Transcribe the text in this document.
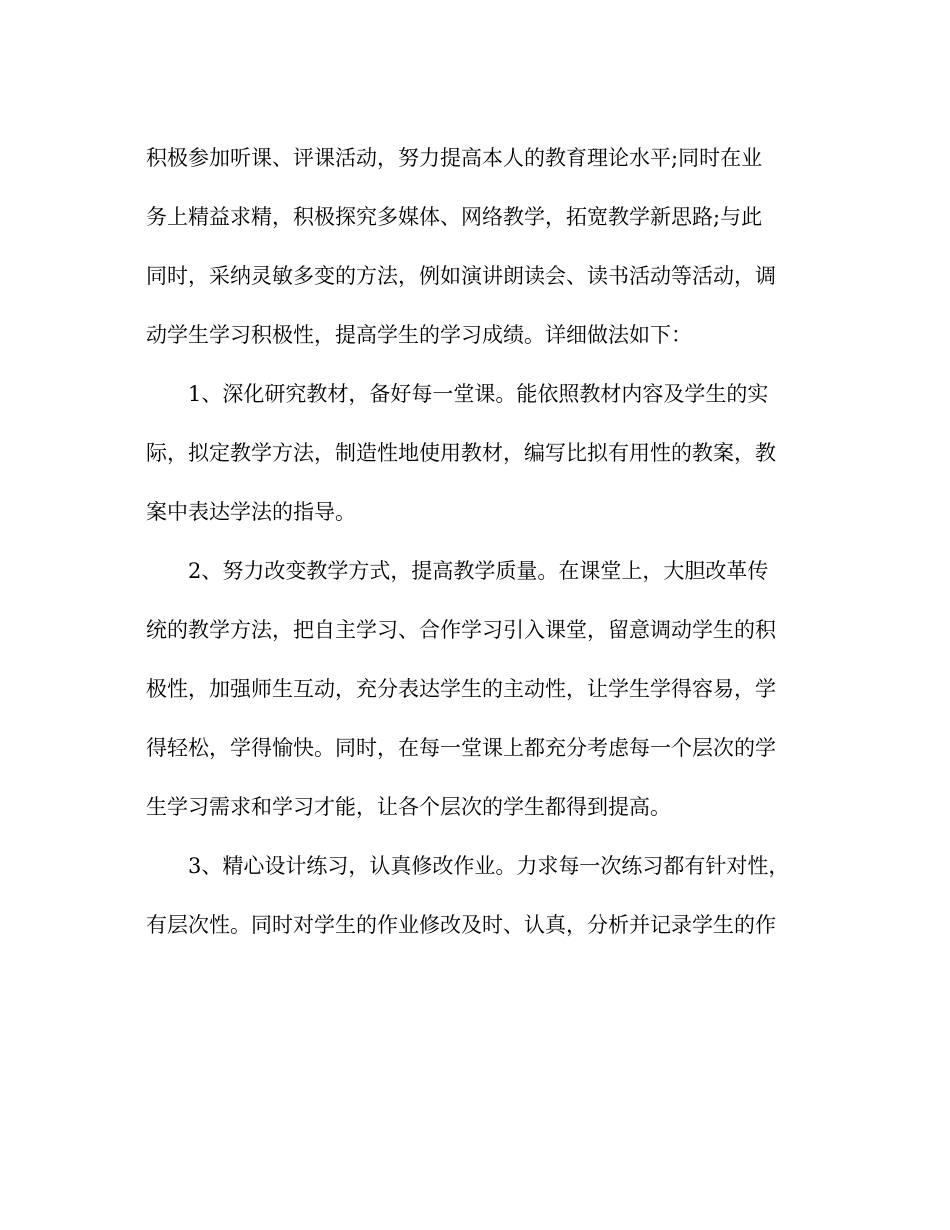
积极参加听课、评课活动，努力提高本人的教育理论水平;同时在业
务上精益求精，积极探究多媒体、网络教学，拓宽教学新思路;与此
同时，采纳灵敏多变的方法，例如演讲朗读会、读书活动等活动，调
动学生学习积极性，提高学生的学习成绩。详细做法如下：
1、深化研究教材，备好每一堂课。能依照教材内容及学生的实
际，拟定教学方法，制造性地使用教材，编写比拟有用性的教案，教
案中表达学法的指导。
2、努力改变教学方式，提高教学质量。在课堂上，大胆改革传
统的教学方法，把自主学习、合作学习引入课堂，留意调动学生的积
极性，加强师生互动，充分表达学生的主动性，让学生学得容易，学
得轻松，学得愉快。同时，在每一堂课上都充分考虑每一个层次的学
生学习需求和学习才能，让各个层次的学生都得到提高。
3、精心设计练习，认真修改作业。力求每一次练习都有针对性，
有层次性。同时对学生的作业修改及时、认真，分析并记录学生的作
